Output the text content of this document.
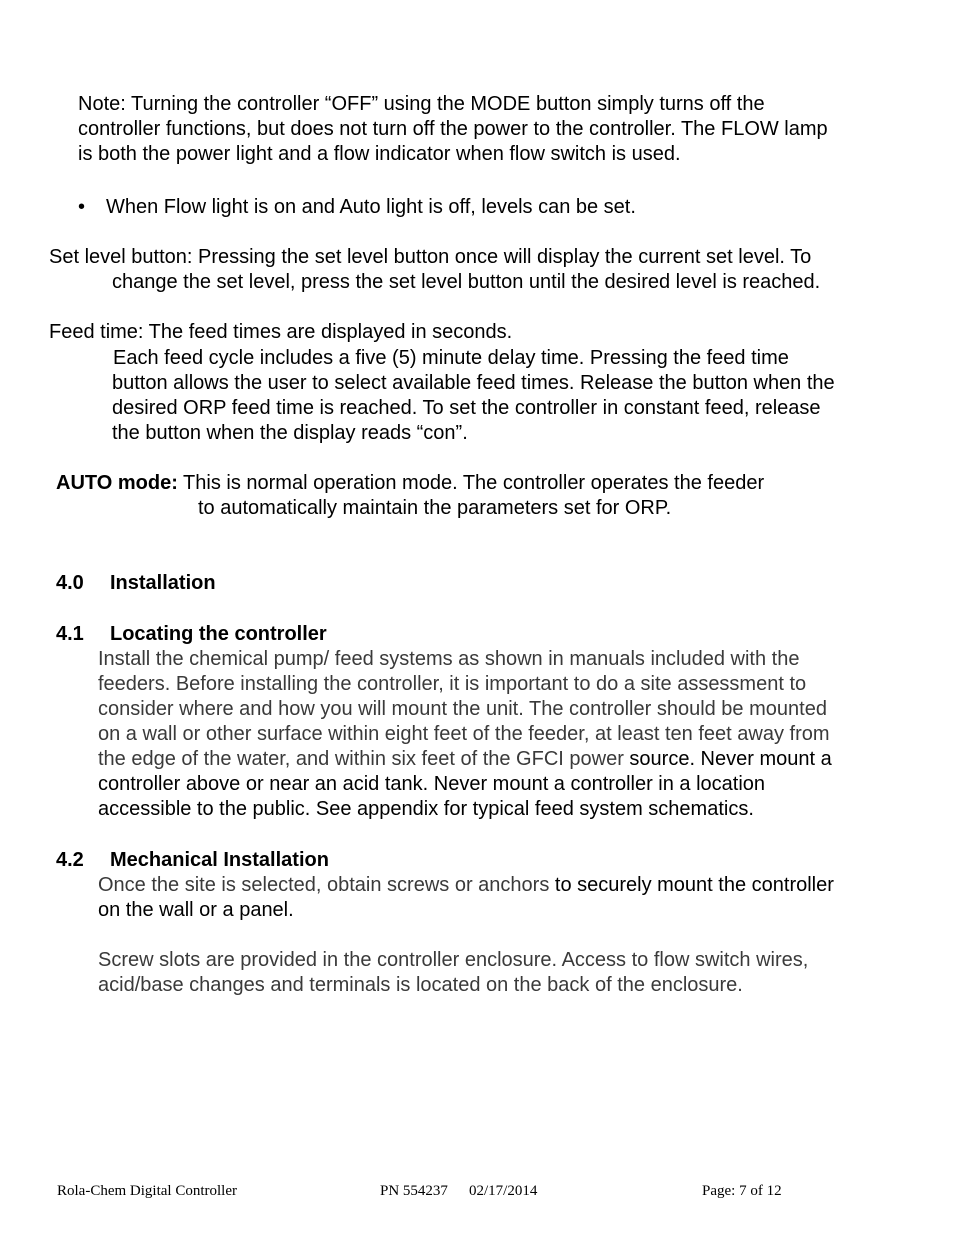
Note: Turning the controller “OFF” using the MODE button simply turns off the

controller functions, but does not turn off the power to the controller. The FLOW lamp

is both the power light and a flow indicator when flow switch is used.

• When Flow light is on and Auto light is off, levels can be set.

Set level button: Pressing the set level button once will display the current set level. To

change the set level, press the set level button until the desired level is reached.

Feed time: The feed times are displayed in seconds.

Each feed cycle includes a five (5) minute delay time. Pressing the feed time

button allows the user to select available feed times. Release the button when the

desired ORP feed time is reached. To set the controller in constant feed, release

the button when the display reads “con”.

AUTO mode: This is normal operation mode. The controller operates the feeder

to automatically maintain the parameters set for ORP.

4.0 Installation

4.1 Locating the controller

Install the chemical pump/ feed systems as shown in manuals included with the

feeders. Before installing the controller, it is important to do a site assessment to

consider where and how you will mount the unit. The controller should be mounted

on a wall or other surface within eight feet of the feeder, at least ten feet away from

the edge of the water, and within six feet of the GFCI power source. Never mount a

controller above or near an acid tank. Never mount a controller in a location

accessible to the public. See appendix for typical feed system schematics.

4.2 Mechanical Installation

Once the site is selected, obtain screws or anchors to securely mount the controller

on the wall or a panel.

Screw slots are provided in the controller enclosure. Access to flow switch wires,

acid/base changes and terminals is located on the back of the enclosure.

Rola-Chem Digital Controller	PN 554237 02/17/2014	Page: 7 of 12
